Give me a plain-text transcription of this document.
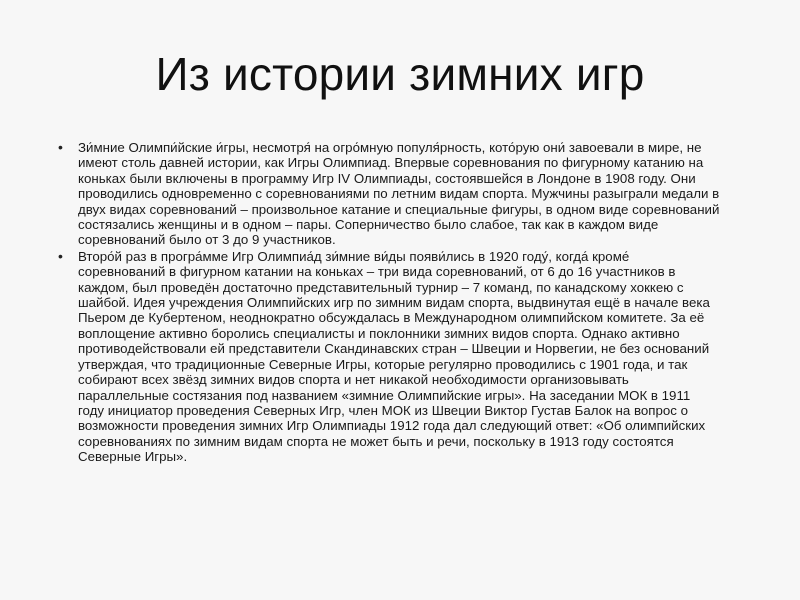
Из истории зимних игр
•	Зи́мние Олимпи́йские и́гры, несмотря́ на огро́мную популя́рность, кото́рую они́ завоевали в мире, не имеют столь давней истории, как Игры Олимпиад. Впервые соревнования по фигурному катанию на коньках были включены в программу Игр IV Олимпиады, состоявшейся в Лондоне в 1908 году. Они проводились одновременно с соревнованиями по летним видам спорта. Мужчины разыграли медали в двух видах соревнований – произвольное катание и специальные фигуры, в одном виде соревнований состязались женщины и в одном – пары. Соперничество было слабое, так как в каждом виде соревнований было от 3 до 9 участников.
•	Второ́й раз в програ́мме Игр Олимпиа́д зи́мние ви́ды появи́лись в 1920 году́, когда́ кроме́ соревнований в фигурном катании на коньках – три вида соревнований, от 6 до 16 участников в каждом, был проведён достаточно представительный турнир – 7 команд, по канадскому хоккею с шайбой. Идея учреждения Олимпийских игр по зимним видам спорта, выдвинутая ещё в начале века Пьером де Кубертеном, неоднократно обсуждалась в Международном олимпийском комитете. За её воплощение активно боролись специалисты и поклонники зимних видов спорта. Однако активно противодействовали ей представители Скандинавских стран – Швеции и Норвегии, не без оснований утверждая, что традиционные Северные Игры, которые регулярно проводились с 1901 года, и так собирают всех звёзд зимних видов спорта и нет никакой необходимости организовывать параллельные состязания под названием «зимние Олимпийские игры». На заседании МОК в 1911 году инициатор проведения Северных Игр, член МОК из Швеции Виктор Густав Балок на вопрос о возможности проведения зимних Игр Олимпиады 1912 года дал следующий ответ: «Об олимпийских соревнованиях по зимним видам спорта не может быть и речи, поскольку в 1913 году состоятся Северные Игры».
